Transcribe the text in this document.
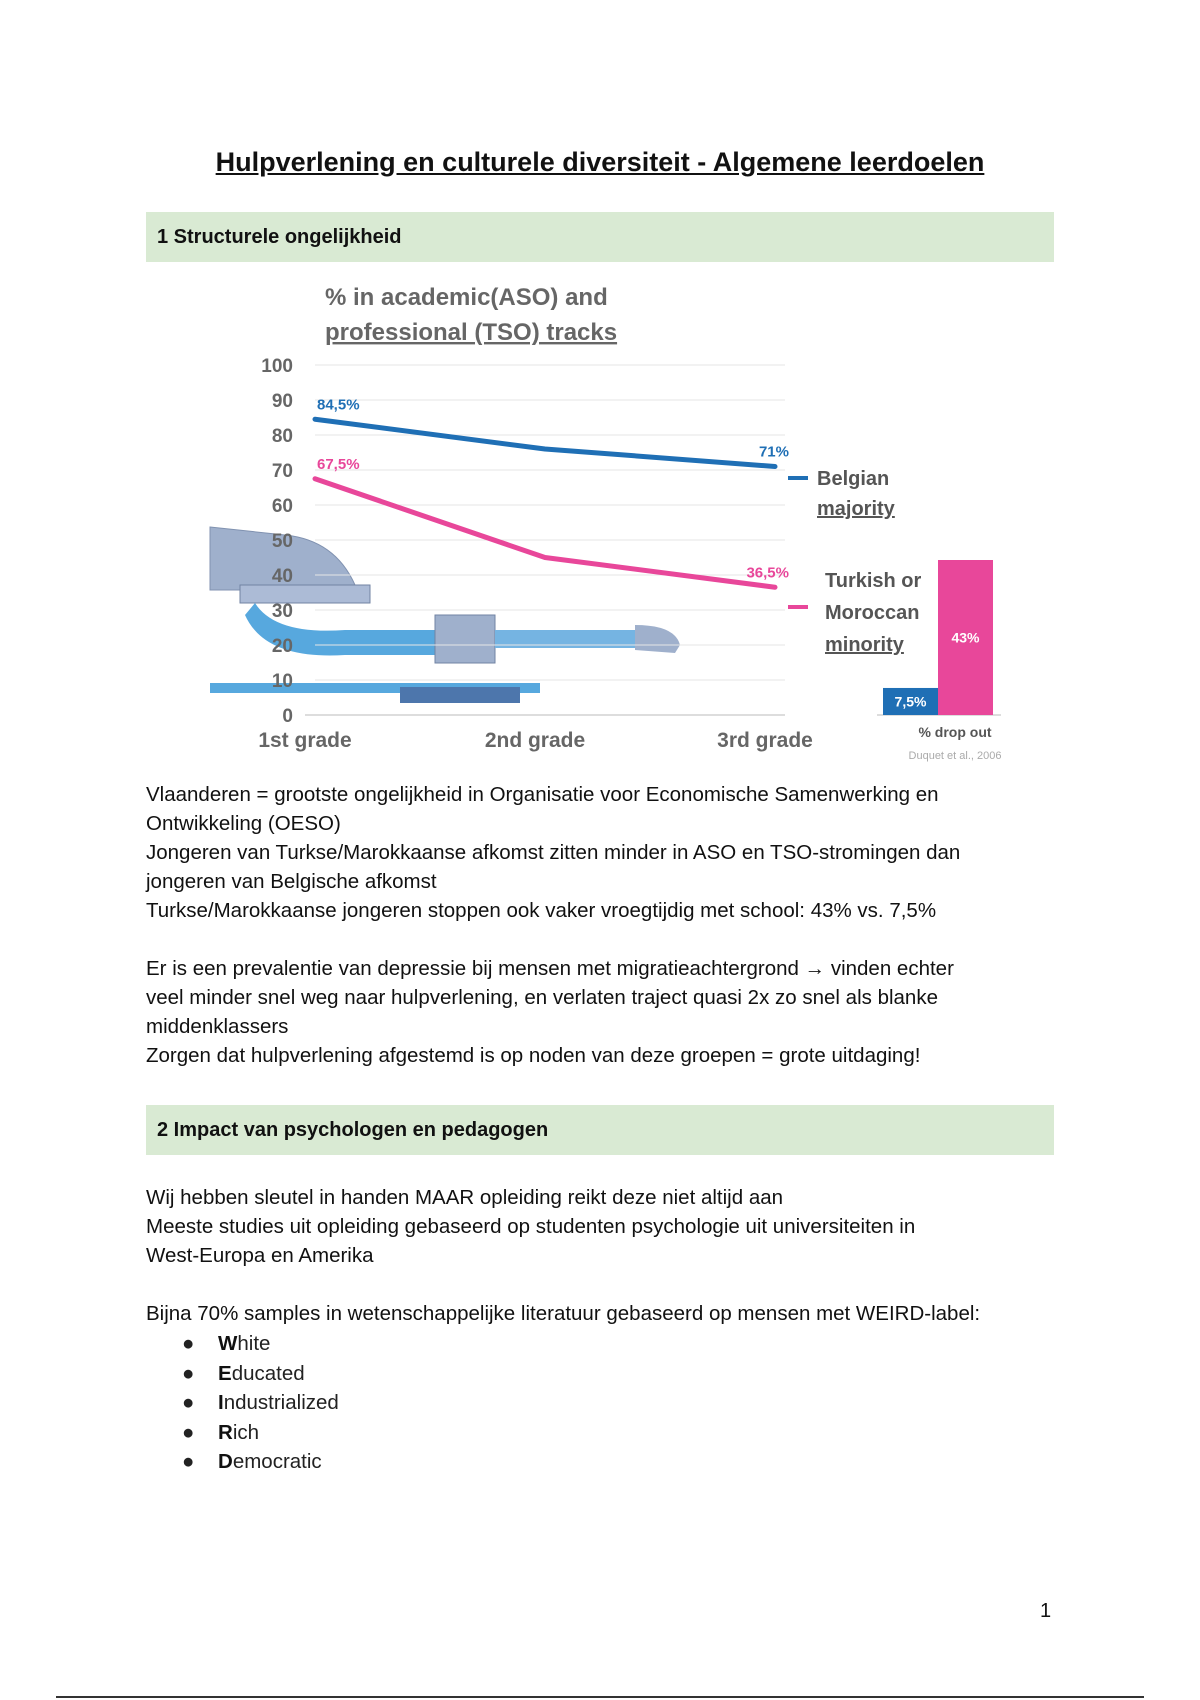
Hulpverlening en culturele diversiteit - Algemene leerdoelen
1 Structurele ongelijkheid
% in academic(ASO) and
professional (TSO) tracks
0
10
20
30
40
50
60
70
80
90
100
1st grade	2nd grade	3rd grade
84,5%
71%
67,5%
36,5%
Belgian
majority
Turkish or
Moroccan
minority
7,5%
43%
% drop out
Duquet et al., 2006
Vlaanderen = grootste ongelijkheid in Organisatie voor Economische Samenwerking en
Ontwikkeling (OESO)
Jongeren van Turkse/Marokkaanse afkomst zitten minder in ASO en TSO-stromingen dan
jongeren van Belgische afkomst
Turkse/Marokkaanse jongeren stoppen ook vaker vroegtijdig met school: 43% vs. 7,5%
Er is een prevalentie van depressie bij mensen met migratieachtergrond → vinden echter
veel minder snel weg naar hulpverlening, en verlaten traject quasi 2x zo snel als blanke
middenklassers
Zorgen dat hulpverlening afgestemd is op noden van deze groepen = grote uitdaging!
2 Impact van psychologen en pedagogen
Wij hebben sleutel in handen MAAR opleiding reikt deze niet altijd aan
Meeste studies uit opleiding gebaseerd op studenten psychologie uit universiteiten in
West-Europa en Amerika
Bijna 70% samples in wetenschappelijke literatuur gebaseerd op mensen met WEIRD-label:
● White
● Educated
● Industrialized
● Rich
● Democratic
1
